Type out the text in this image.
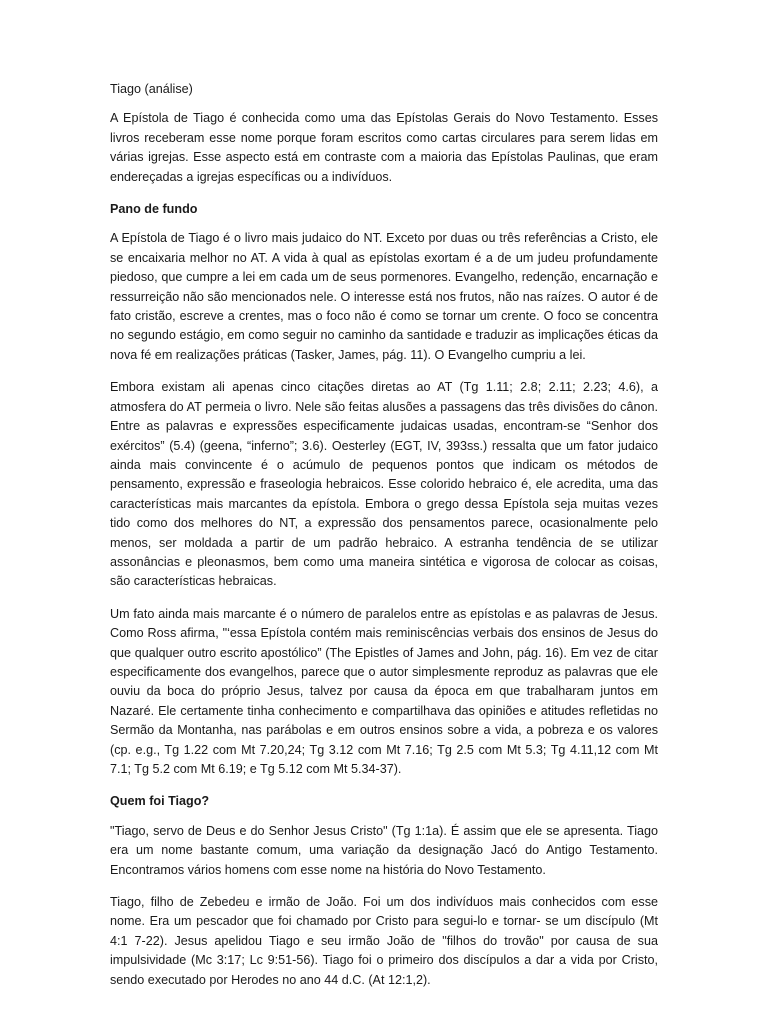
Tiago (análise)

A Epístola de Tiago é conhecida como uma das Epístolas Gerais do Novo Testamento. Esses livros receberam esse nome porque foram escritos como cartas circulares para serem lidas em várias igrejas. Esse aspecto está em contraste com a maioria das Epístolas Paulinas, que eram endereçadas a igrejas específicas ou a indivíduos.

Pano de fundo

A Epístola de Tiago é o livro mais judaico do NT. Exceto por duas ou três referências a Cristo, ele se encaixaria melhor no AT. A vida à qual as epístolas exortam é a de um judeu profundamente piedoso, que cumpre a lei em cada um de seus pormenores. Evangelho, redenção, encarnação e ressurreição não são mencionados nele. O interesse está nos frutos, não nas raízes. O autor é de fato cristão, escreve a crentes, mas o foco não é como se tornar um crente. O foco se concentra no segundo estágio, em como seguir no caminho da santidade e traduzir as implicações éticas da nova fé em realizações práticas (Tasker, James, pág. 11). O Evangelho cumpriu a lei.

Embora existam ali apenas cinco citações diretas ao AT (Tg 1.11; 2.8; 2.11; 2.23; 4.6), a atmosfera do AT permeia o livro. Nele são feitas alusões a passagens das três divisões do cânon. Entre as palavras e expressões especificamente judaicas usadas, encontram-se “Senhor dos exércitos” (5.4) (geena, “inferno”; 3.6). Oesterley (EGT, IV, 393ss.) ressalta que um fator judaico ainda mais convincente é o acúmulo de pequenos pontos que indicam os métodos de pensamento, expressão e fraseologia hebraicos. Esse colorido hebraico é, ele acredita, uma das características mais marcantes da epístola. Embora o grego dessa Epístola seja muitas vezes tido como dos melhores do NT, a expressão dos pensamentos parece, ocasionalmente pelo menos, ser moldada a partir de um padrão hebraico. A estranha tendência de se utilizar assonâncias e pleonasmos, bem como uma maneira sintética e vigorosa de colocar as coisas, são características hebraicas.

Um fato ainda mais marcante é o número de paralelos entre as epístolas e as palavras de Jesus. Como Ross afirma, "‘essa Epístola contém mais reminiscências verbais dos ensinos de Jesus do que qualquer outro escrito apostólico” (The Epistles of James and John, pág. 16). Em vez de citar especificamente dos evangelhos, parece que o autor simplesmente reproduz as palavras que ele ouviu da boca do próprio Jesus, talvez por causa da época em que trabalharam juntos em Nazaré. Ele certamente tinha conhecimento e compartilhava das opiniões e atitudes refletidas no Sermão da Montanha, nas parábolas e em outros ensinos sobre a vida, a pobreza e os valores (cp. e.g., Tg 1.22 com Mt 7.20,24; Tg 3.12 com Mt 7.16; Tg 2.5 com Mt 5.3; Tg 4.11,12 com Mt 7.1; Tg 5.2 com Mt 6.19; e Tg 5.12 com Mt 5.34-37).

Quem foi Tiago?

"Tiago, servo de Deus e do Senhor Jesus Cristo" (Tg 1:1a). É assim que ele se apresenta. Tiago era um nome bastante comum, uma variação da designação Jacó do Antigo Testamento. Encontramos vários homens com esse nome na história do Novo Testamento.

Tiago, filho de Zebedeu e irmão de João. Foi um dos indivíduos mais conhecidos com esse nome. Era um pescador que foi chamado por Cristo para segui-lo e tornar- se um discípulo (Mt 4:1 7-22). Jesus apelidou Tiago e seu irmão João de "filhos do trovão" por causa de sua impulsividade (Mc 3:17; Lc 9:51-56). Tiago foi o primeiro dos discípulos a dar a vida por Cristo, sendo executado por Herodes no ano 44 d.C. (At 12:1,2).
